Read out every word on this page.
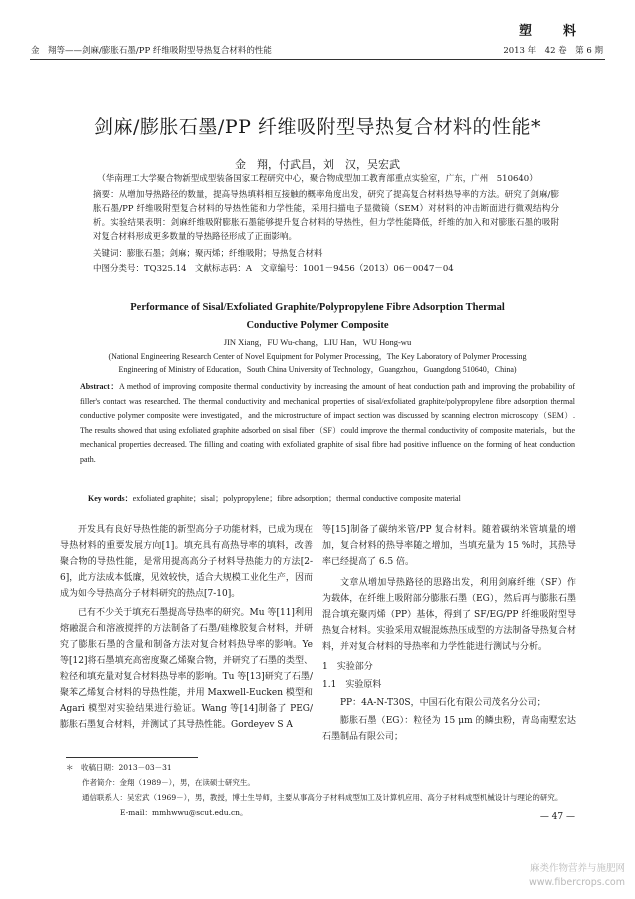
塑　料
金　翔等——剑麻/膨胀石墨/PP 纤维吸附型导热复合材料的性能	2013 年　42 卷　第 6 期
剑麻/膨胀石墨/PP 纤维吸附型导热复合材料的性能*
金　翔，付武昌，刘　汉，吴宏武
（华南理工大学聚合物新型成型装备国家工程研究中心，聚合物成型加工教育部重点实验室，广东，广州　510640）
摘要：从增加导热路径的数量，提高导热填料相互接触的概率角度出发，研究了提高复合材料热导率的方法。研究了剑麻/膨胀石墨/PP 纤维吸附型复合材料的导热性能和力学性能，采用扫描电子显微镜（SEM）对材料的冲击断面进行微观结构分析。实验结果表明：剑麻纤维吸附膨胀石墨能够提升复合材料的导热性，但力学性能降低，纤维的加入和对膨胀石墨的吸附对复合材料形成更多数量的导热路径形成了正面影响。
关键词：膨胀石墨；剑麻；聚丙烯；纤维吸附；导热复合材料
中图分类号：TQ325.14　文献标志码：A　文章编号：1001－9456（2013）06－0047－04
Performance of Sisal/Exfoliated Graphite/Polypropylene Fibre Adsorption Thermal
Conductive Polymer Composite
JIN Xiang，FU Wu-chang，LIU Han，WU Hong-wu
(National Engineering Research Center of Novel Equipment for Polymer Processing，The Key Laboratory of Polymer Processing
Engineering of Ministry of Education，South China University of Technology，Guangzhou，Guangdong 510640，China)
Abstract：A method of improving composite thermal conductivity by increasing the amount of heat conduction path and improving the probability of filler's contact was researched. The thermal conductivity and mechanical properties of sisal/exfoliated graphite/polypropylene fibre adsorption thermal conductive polymer composite were investigated，and the microstructure of impact section was discussed by scanning electron microscopy（SEM）. The results showed that using exfoliated graphite adsorbed on sisal fiber（SF）could improve the thermal conductivity of composite materials，but the mechanical properties decreased. The filling and coating with exfoliated graphite of sisal fibre had positive influence on the forming of heat conduction path.
Key words：exfoliated graphite；sisal；polypropylene；fibre adsorption；thermal conductive composite material

开发具有良好导热性能的新型高分子功能材料，已成为现在导热材料的重要发展方向[1]。填充具有高热导率的填料，改善聚合物的导热性能，是常用提高高分子材料导热能力的方法[2-6]，此方法成本低廉，见效较快，适合大规模工业化生产，因而成为如今导热高分子材料研究的热点[7-10]。

已有不少关于填充石墨提高导热率的研究。Mu 等[11]利用熔融混合和溶液搅拌的方法制备了石墨/硅橡胶复合材料，并研究了膨胀石墨的含量和制备方法对复合材料热导率的影响。Ye 等[12]将石墨填充高密度聚乙烯聚合物，并研究了石墨的类型、粒径和填充量对复合材料热导率的影响。Tu 等[13]研究了石墨/聚苯乙烯复合材料的导热性能，并用 Maxwell-Eucken 模型和 Agari 模型对实验结果进行验证。Wang 等[14]制备了 PEG/膨胀石墨复合材料，并测试了其导热性能。Gordeyev S A

等[15]制备了碳纳米管/PP 复合材料。随着碳纳米管填量的增加，复合材料的热导率随之增加，当填充量为 15 %时，其热导率已经提高了 6.5 倍。

文章从增加导热路径的思路出发，利用剑麻纤维（SF）作为载体，在纤维上吸附部分膨胀石墨（EG），然后再与膨胀石墨混合填充聚丙烯（PP）基体，得到了 SF/EG/PP 纤维吸附型导热复合材料。实验采用双辊混炼热压成型的方法制备导热复合材料，并对复合材料的导热率和力学性能进行测试与分析。

1　实验部分

1.1　实验原料

PP：4A-N-T30S，中国石化有限公司茂名分公司；

膨胀石墨（EG）：粒径为 15 μm 的鳞虫粉，青岛南墅宏达石墨制品有限公司；

＊　收稿日期：2013－03－31
作者简介：金翔（1989－），男，在读硕士研究生。
通信联系人：吴宏武（1969－），男，教授，博士生导师，主要从事高分子材料成型加工及计算机应用、高分子材料成型机械设计与理论的研究。
E-mail：mmhwwu@scut.edu.cn。	— 47 —
麻类作物营养与施肥网
www.fibercrops.com
